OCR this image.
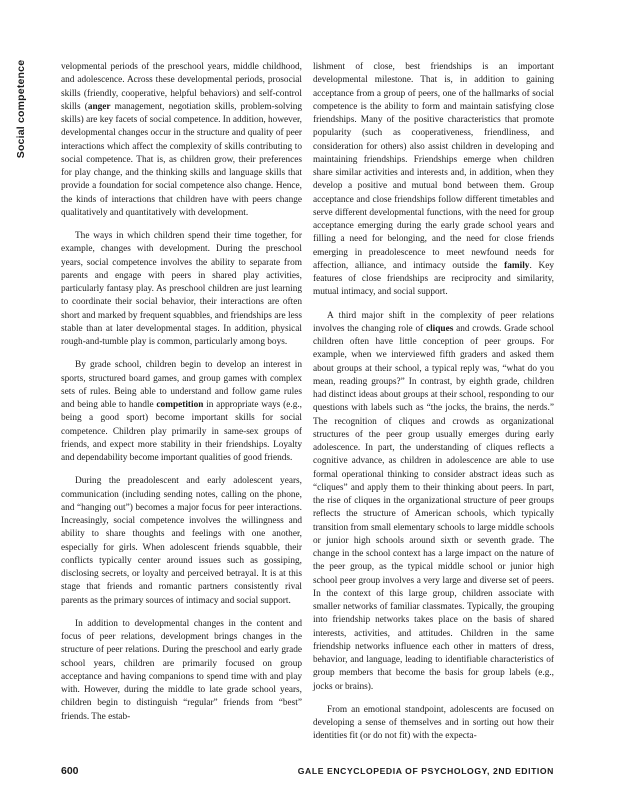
Social competence	velopmental periods of the preschool years, middle childhood, and adolescence. Across these developmental periods, prosocial skills (friendly, cooperative, helpful behaviors) and self-control skills (anger management, negotiation skills, problem-solving skills) are key facets of social competence. In addition, however, developmental changes occur in the structure and quality of peer interactions which affect the complexity of skills contributing to social competence. That is, as children grow, their preferences for play change, and the thinking skills and language skills that provide a foundation for social competence also change. Hence, the kinds of interactions that children have with peers change qualitatively and quantitatively with development.

The ways in which children spend their time together, for example, changes with development. During the preschool years, social competence involves the ability to separate from parents and engage with peers in shared play activities, particularly fantasy play. As preschool children are just learning to coordinate their social behavior, their interactions are often short and marked by frequent squabbles, and friendships are less stable than at later developmental stages. In addition, physical rough-and-tumble play is common, particularly among boys.

By grade school, children begin to develop an interest in sports, structured board games, and group games with complex sets of rules. Being able to understand and follow game rules and being able to handle competition in appropriate ways (e.g., being a good sport) become important skills for social competence. Children play primarily in same-sex groups of friends, and expect more stability in their friendships. Loyalty and dependability become important qualities of good friends.

During the preadolescent and early adolescent years, communication (including sending notes, calling on the phone, and “hanging out”) becomes a major focus for peer interactions. Increasingly, social competence involves the willingness and ability to share thoughts and feelings with one another, especially for girls. When adolescent friends squabble, their conflicts typically center around issues such as gossiping, disclosing secrets, or loyalty and perceived betrayal. It is at this stage that friends and romantic partners consistently rival parents as the primary sources of intimacy and social support.

In addition to developmental changes in the content and focus of peer relations, development brings changes in the structure of peer relations. During the preschool and early grade school years, children are primarily focused on group acceptance and having companions to spend time with and play with. However, during the middle to late grade school years, children begin to distinguish “regular” friends from “best” friends. The estab-

lishment of close, best friendships is an important developmental milestone. That is, in addition to gaining acceptance from a group of peers, one of the hallmarks of social competence is the ability to form and maintain satisfying close friendships. Many of the positive characteristics that promote popularity (such as cooperativeness, friendliness, and consideration for others) also assist children in developing and maintaining friendships. Friendships emerge when children share similar activities and interests and, in addition, when they develop a positive and mutual bond between them. Group acceptance and close friendships follow different timetables and serve different developmental functions, with the need for group acceptance emerging during the early grade school years and filling a need for belonging, and the need for close friends emerging in preadolescence to meet newfound needs for affection, alliance, and intimacy outside the family. Key features of close friendships are reciprocity and similarity, mutual intimacy, and social support.

A third major shift in the complexity of peer relations involves the changing role of cliques and crowds. Grade school children often have little conception of peer groups. For example, when we interviewed fifth graders and asked them about groups at their school, a typical reply was, “what do you mean, reading groups?” In contrast, by eighth grade, children had distinct ideas about groups at their school, responding to our questions with labels such as “the jocks, the brains, the nerds.” The recognition of cliques and crowds as organizational structures of the peer group usually emerges during early adolescence. In part, the understanding of cliques reflects a cognitive advance, as children in adolescence are able to use formal operational thinking to consider abstract ideas such as “cliques” and apply them to their thinking about peers. In part, the rise of cliques in the organizational structure of peer groups reflects the structure of American schools, which typically transition from small elementary schools to large middle schools or junior high schools around sixth or seventh grade. The change in the school context has a large impact on the nature of the peer group, as the typical middle school or junior high school peer group involves a very large and diverse set of peers. In the context of this large group, children associate with smaller networks of familiar classmates. Typically, the grouping into friendship networks takes place on the basis of shared interests, activities, and attitudes. Children in the same friendship networks influence each other in matters of dress, behavior, and language, leading to identifiable characteristics of group members that become the basis for group labels (e.g., jocks or brains).

From an emotional standpoint, adolescents are focused on developing a sense of themselves and in sorting out how their identities fit (or do not fit) with the expecta-

600	GALE ENCYCLOPEDIA OF PSYCHOLOGY, 2ND EDITION
